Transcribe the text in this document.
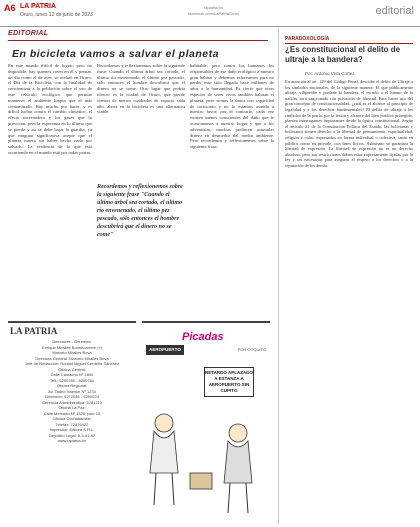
A6 LA PATRIA
Oruro, lunes 12 de junio de 2023
lapatria.bo
facebook.com/LaPatriaOruro	editorial
EDITORIAL
En bicicleta vamos a salvar el planeta
En este mundo difícil de lograr, pero no imposible, hay quienes creen en él y pensar, un día como el de ayer, se realizó en Oruro, el Día de la Bicicleta, con la finalidad de concientizar a la población sobre el uso de este vehículo ecológico que permite mantener el ambiente limpio que el más contaminado. Hay mucho por hacer, y es difícil luchar contra el cambio climático, el efecto invernadero y los gases que lo provocan, pero la esperanza en lo último que se pierde y no se debe bajar la guardia, ya que ninguna significativa acepte que el planeta muera sin haber hecho nada por salvarlo. La evidencia de lo que está ocurriendo en el mundo está por todas partes.
Recordemos y reflexionemos sobre la siguiente frase: Cuando el último árbol sea cortado, el último río envenenado, el último pez pescado, sólo entonces el hombre descubrirá que el dinero no se come. Otro lugar que podría ofrecer es la ciudad de Oruro, que pierde cientos de metros cuadrados de espacio cada año, ahora en la bicicleta es una alternativa viable.
Recordemos y reflexionemos sobre la siguiente frase "Cuando el último árbol sea cortado, el último río envenenado, el último pez pescado, sólo entonces el hombre descubrirá que el dinero no se come"
habitable, pero somos los humanos los responsables de ese daño ecológico a nuestro gran hábitat y debemos esforzarnos para no perder este sitio llegado hace millones de años a la humanidad. Es cierto que otras especies de seres vivos también habitan el planeta, pero somos la única con capacidad de raciocinio y no lo estamos usando a nuestro favor; por el contrario, cada vez existen menos conscientes del daño que le ocasionamos a nuestro hogar y que a los adventistas, muchos prefieren acumular dinero en desmedro del medio ambiente. Pero recordemos y reflexionemos sobre la siguiente frase.
PARADOXOLOGÍA
¿Es constitucional el delito de ultraje a la bandera?
Por: Antonio Vera Cortez
En atención al art. 129 del Código Penal, describe el delito de Ultraje a los símbolos nacionales, de la siguiente manera: El que públicamente ultraje, vilipendie o profane la bandera, el escudo o el himno de la nación, será sancionado con privación de libertad. Para hacer uso del gran concepto de constitucionalidad, ¿cuál es el alcance al principio de legalidad y a los derechos fundamentales? El delito de ultraje a los símbolos de la patria, por la lesión y alcance del bien jurídico protegido, plantea interrogantes importantes desde la óptica constitucional. Según el artículo 21 de la Constitución Política del Estado, las bolivianas y bolivianos tienen derecho a la libertad de pensamiento, espiritualidad, religión y culto, expresados en forma individual o colectiva, tanto en público como en privado, con fines lícitos. Asimismo se garantiza la libertad de expresión. La libertad de expresión no es un derecho absoluto, pero sus restricciones deben estar expresamente fijadas por la ley y ser necesarias para asegurar el respeto a los derechos o a la reputación de los demás.
LA PATRIA
Directores - Gerentes:
Enrique Miralles Bonnecarrere (†)
Marcelo Miralles Bova
Directora General: Marcelo Miralles Bova
Jefe de Redacción: Ronald Miguel Cerdeña Sánchez
Oficina Central:
Calle Camacho Nº 1892
Telf.: 5250780 - 5250781
Oficina Regional:
Av. Tadeo Haenke Nº 1234
Dirección: 5272046 - 5280024
Gerencia Administrativa: 5281213
Oficina La Paz:
Calle Mercado Nº 1328, piso 10
Oficina Cochabamba:
Telefax: 72876422
Impresión: Editora S.R.L.
Depósito Legal: 8-3-41-87
www.lapatria.bo
Picadas
POR COQUITO
AEROPUERTO
RETARDO APLAZADO A ESTANZA A AEROPUERTO SIN CUPITO
